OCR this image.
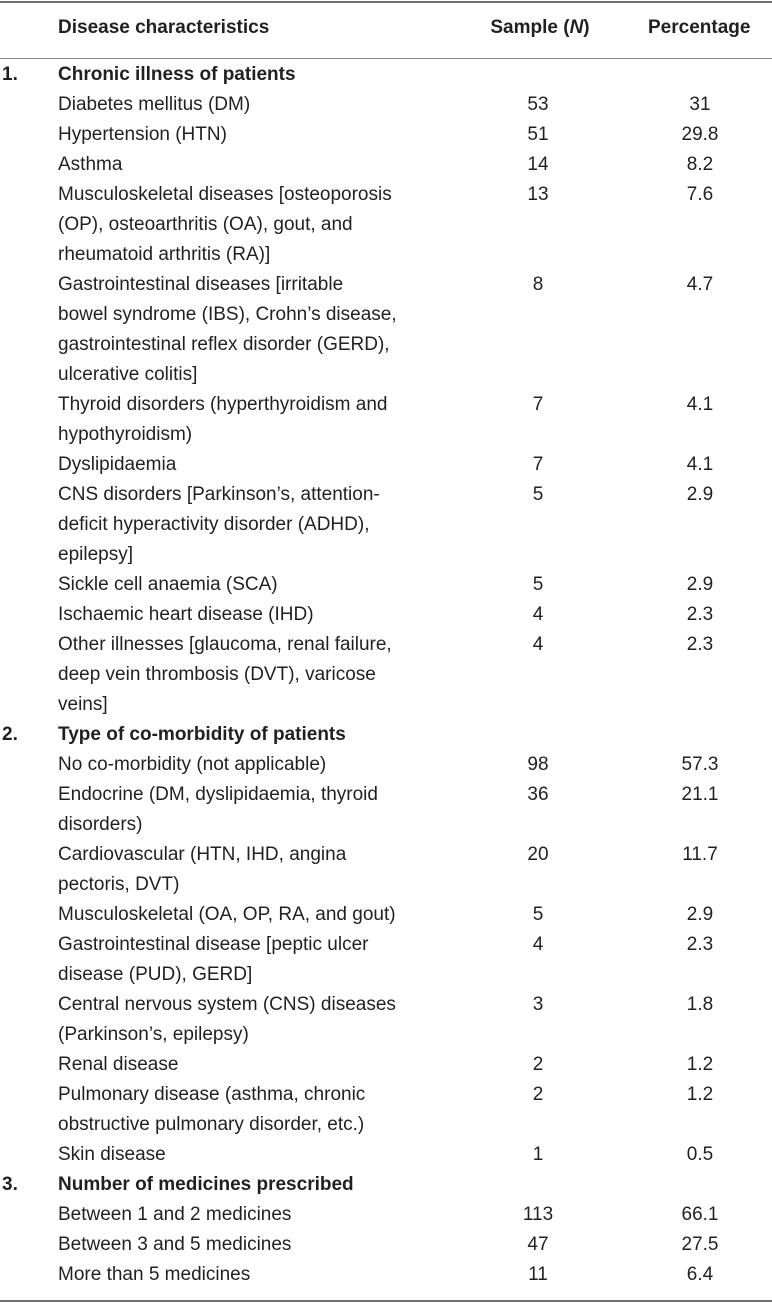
Disease characteristics	Sample (N)	Percentage
1.	Chronic illness of patients
Diabetes mellitus (DM)	53	31
Hypertension (HTN)	51	29.8
Asthma	14	8.2
Musculoskeletal diseases [osteoporosis
(OP), osteoarthritis (OA), gout, and
rheumatoid arthritis (RA)]
13	7.6
Gastrointestinal diseases [irritable
bowel syndrome (IBS), Crohn’s disease,
gastrointestinal reflex disorder (GERD),
ulcerative colitis]
8	4.7
Thyroid disorders (hyperthyroidism and
hypothyroidism)
7	4.1
Dyslipidaemia	7	4.1
CNS disorders [Parkinson’s, attention-
deficit hyperactivity disorder (ADHD),
epilepsy]
5	2.9
Sickle cell anaemia (SCA)	5	2.9
Ischaemic heart disease (IHD)	4	2.3
Other illnesses [glaucoma, renal failure,
deep vein thrombosis (DVT), varicose
veins]
4	2.3
2.	Type of co-morbidity of patients
No co-morbidity (not applicable)	98	57.3
Endocrine (DM, dyslipidaemia, thyroid
disorders)
36	21.1
Cardiovascular (HTN, IHD, angina
pectoris, DVT)
20	11.7
Musculoskeletal (OA, OP, RA, and gout)	5	2.9
Gastrointestinal disease [peptic ulcer
disease (PUD), GERD]
4	2.3
Central nervous system (CNS) diseases
(Parkinson’s, epilepsy)
3	1.8
Renal disease	2	1.2
Pulmonary disease (asthma, chronic
obstructive pulmonary disorder, etc.)
2	1.2
Skin disease	1	0.5
3.	Number of medicines prescribed
Between 1 and 2 medicines	113	66.1
Between 3 and 5 medicines	47	27.5
More than 5 medicines	11	6.4
